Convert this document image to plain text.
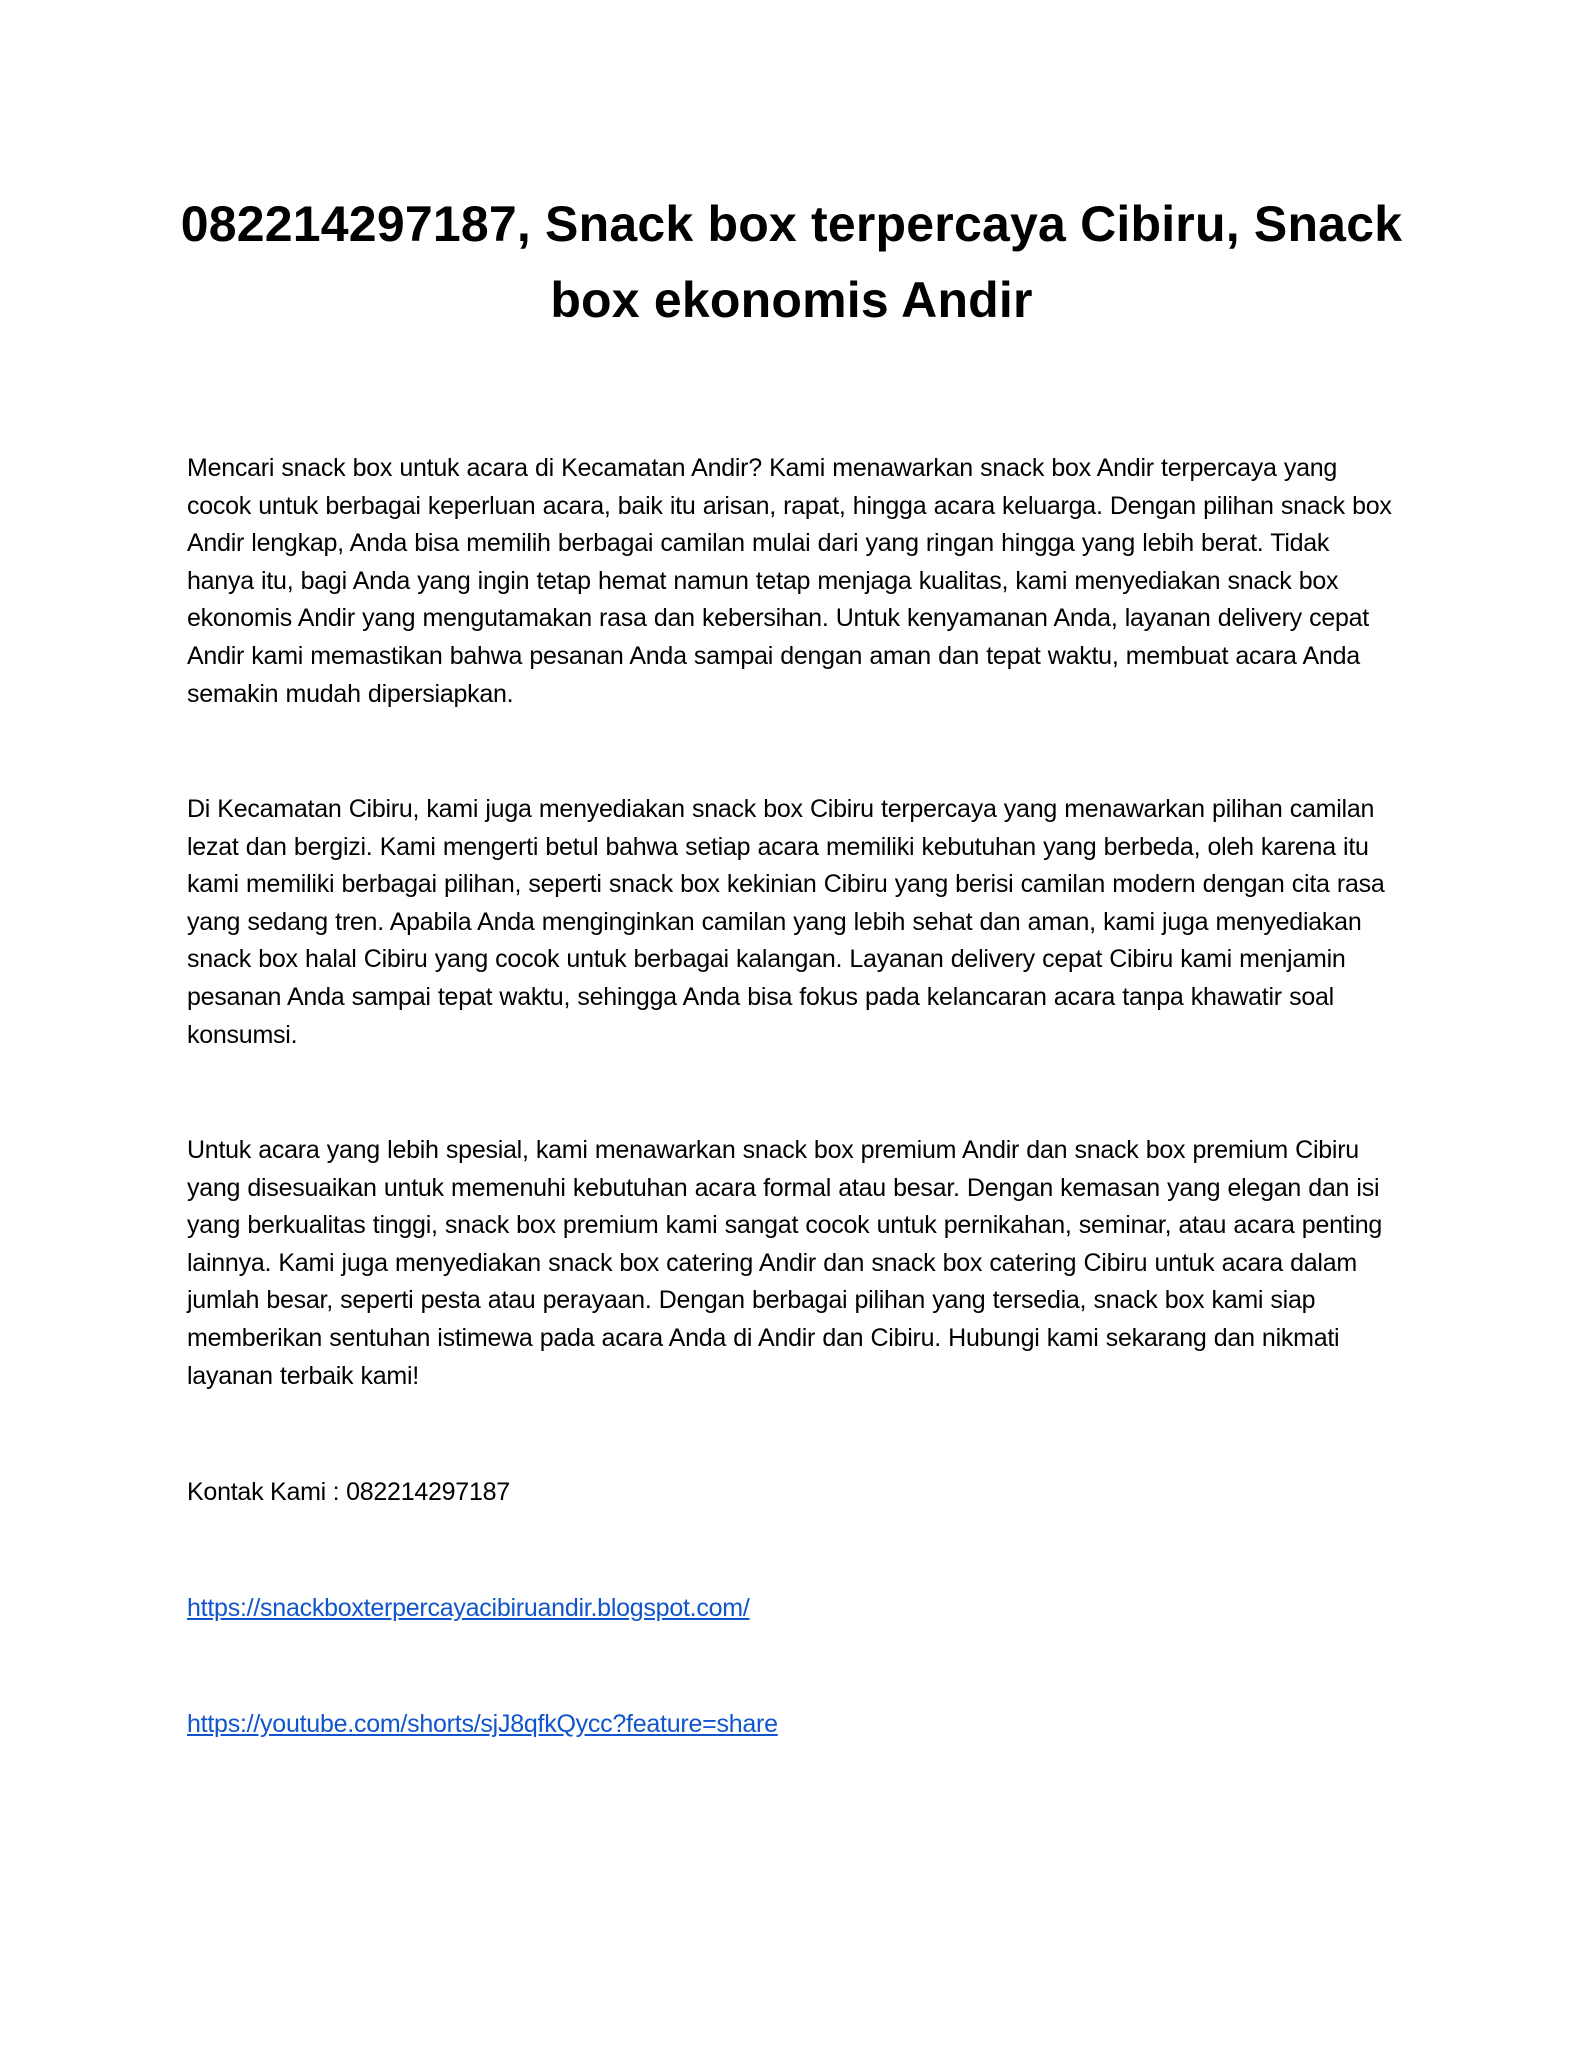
082214297187, Snack box terpercaya Cibiru, Snack box ekonomis Andir

Mencari snack box untuk acara di Kecamatan Andir? Kami menawarkan snack box Andir terpercaya yang cocok untuk berbagai keperluan acara, baik itu arisan, rapat, hingga acara keluarga. Dengan pilihan snack box Andir lengkap, Anda bisa memilih berbagai camilan mulai dari yang ringan hingga yang lebih berat. Tidak hanya itu, bagi Anda yang ingin tetap hemat namun tetap menjaga kualitas, kami menyediakan snack box ekonomis Andir yang mengutamakan rasa dan kebersihan. Untuk kenyamanan Anda, layanan delivery cepat Andir kami memastikan bahwa pesanan Anda sampai dengan aman dan tepat waktu, membuat acara Anda semakin mudah dipersiapkan.

Di Kecamatan Cibiru, kami juga menyediakan snack box Cibiru terpercaya yang menawarkan pilihan camilan lezat dan bergizi. Kami mengerti betul bahwa setiap acara memiliki kebutuhan yang berbeda, oleh karena itu kami memiliki berbagai pilihan, seperti snack box kekinian Cibiru yang berisi camilan modern dengan cita rasa yang sedang tren. Apabila Anda menginginkan camilan yang lebih sehat dan aman, kami juga menyediakan snack box halal Cibiru yang cocok untuk berbagai kalangan. Layanan delivery cepat Cibiru kami menjamin pesanan Anda sampai tepat waktu, sehingga Anda bisa fokus pada kelancaran acara tanpa khawatir soal konsumsi.

Untuk acara yang lebih spesial, kami menawarkan snack box premium Andir dan snack box premium Cibiru yang disesuaikan untuk memenuhi kebutuhan acara formal atau besar. Dengan kemasan yang elegan dan isi yang berkualitas tinggi, snack box premium kami sangat cocok untuk pernikahan, seminar, atau acara penting lainnya. Kami juga menyediakan snack box catering Andir dan snack box catering Cibiru untuk acara dalam jumlah besar, seperti pesta atau perayaan. Dengan berbagai pilihan yang tersedia, snack box kami siap memberikan sentuhan istimewa pada acara Anda di Andir dan Cibiru. Hubungi kami sekarang dan nikmati layanan terbaik kami!

Kontak Kami : 082214297187

https://snackboxterpercayacibiruandir.blogspot.com/
https://youtube.com/shorts/sjJ8qfkQycc?feature=share
